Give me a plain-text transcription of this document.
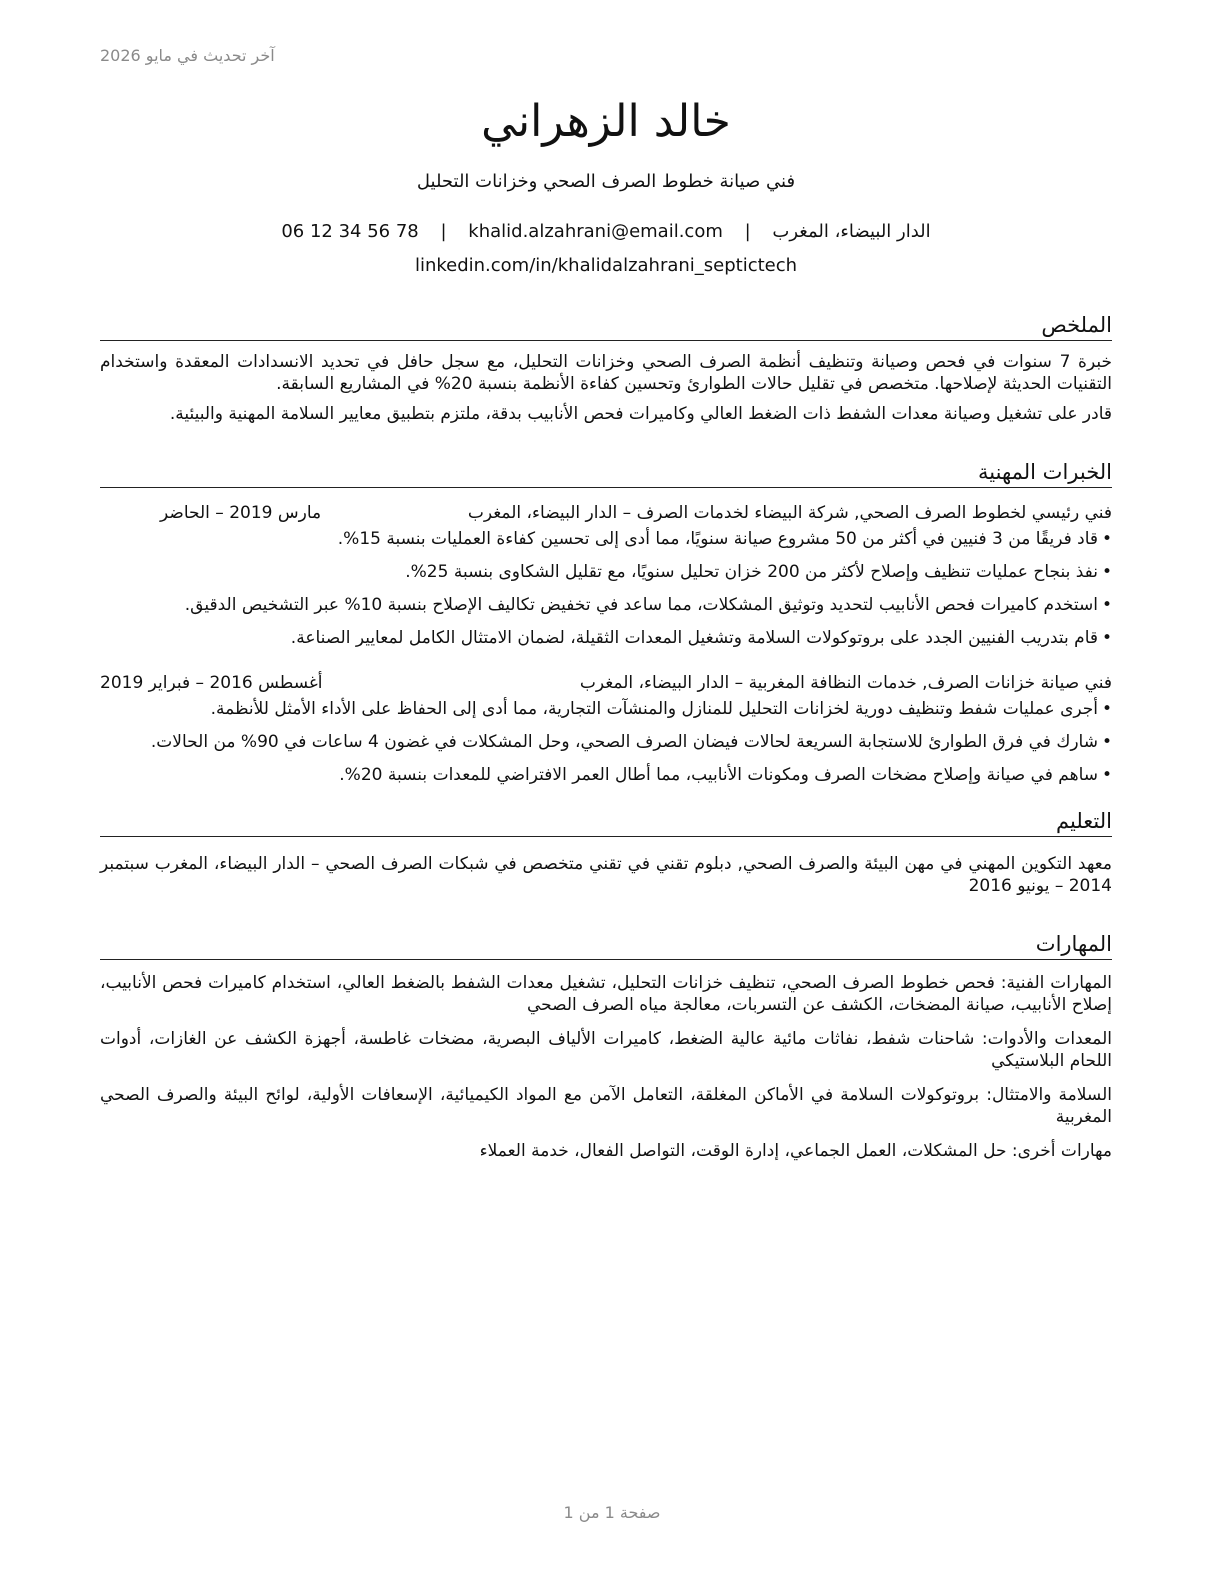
آخر تحديث في مايو 2026
خالد الزهراني
فني صيانة خطوط الصرف الصحي وخزانات التحليل
الدار البيضاء، المغرب | khalid.alzahrani@email.com | 06 12 34 56 78
linkedin.com/in/khalidalzahrani_septictech
الملخص
خبرة 7 سنوات في فحص وصيانة وتنظيف أنظمة الصرف الصحي وخزانات التحليل، مع سجل حافل في تحديد الانسدادات المعقدة واستخدام التقنيات الحديثة لإصلاحها. متخصص في تقليل حالات الطوارئ وتحسين كفاءة الأنظمة بنسبة 20% في المشاريع السابقة.
قادر على تشغيل وصيانة معدات الشفط ذات الضغط العالي وكاميرات فحص الأنابيب بدقة، ملتزم بتطبيق معايير السلامة المهنية والبيئية.
الخبرات المهنية
فني رئيسي لخطوط الصرف الصحي, شركة البيضاء لخدمات الصرف – الدار البيضاء، المغرب
مارس 2019 – الحاضر
• قاد فريقًا من 3 فنيين في أكثر من 50 مشروع صيانة سنويًا، مما أدى إلى تحسين كفاءة العمليات بنسبة 15%.
• نفذ بنجاح عمليات تنظيف وإصلاح لأكثر من 200 خزان تحليل سنويًا، مع تقليل الشكاوى بنسبة 25%.
• استخدم كاميرات فحص الأنابيب لتحديد وتوثيق المشكلات، مما ساعد في تخفيض تكاليف الإصلاح بنسبة 10% عبر التشخيص الدقيق.
• قام بتدريب الفنيين الجدد على بروتوكولات السلامة وتشغيل المعدات الثقيلة، لضمان الامتثال الكامل لمعايير الصناعة.
فني صيانة خزانات الصرف, خدمات النظافة المغربية – الدار البيضاء، المغرب
أغسطس 2016 – فبراير 2019
• أجرى عمليات شفط وتنظيف دورية لخزانات التحليل للمنازل والمنشآت التجارية، مما أدى إلى الحفاظ على الأداء الأمثل للأنظمة.
• شارك في فرق الطوارئ للاستجابة السريعة لحالات فيضان الصرف الصحي، وحل المشكلات في غضون 4 ساعات في 90% من الحالات.
• ساهم في صيانة وإصلاح مضخات الصرف ومكونات الأنابيب، مما أطال العمر الافتراضي للمعدات بنسبة 20%.
التعليم
معهد التكوين المهني في مهن البيئة والصرف الصحي, دبلوم تقني في تقني متخصص في شبكات الصرف الصحي – الدار البيضاء، المغرب سبتمبر 2014 – يونيو 2016
المهارات
المهارات الفنية: فحص خطوط الصرف الصحي، تنظيف خزانات التحليل، تشغيل معدات الشفط بالضغط العالي، استخدام كاميرات فحص الأنابيب، إصلاح الأنابيب، صيانة المضخات، الكشف عن التسربات، معالجة مياه الصرف الصحي
المعدات والأدوات: شاحنات شفط، نفاثات مائية عالية الضغط، كاميرات الألياف البصرية، مضخات غاطسة، أجهزة الكشف عن الغازات، أدوات اللحام البلاستيكي
السلامة والامتثال: بروتوكولات السلامة في الأماكن المغلقة، التعامل الآمن مع المواد الكيميائية، الإسعافات الأولية، لوائح البيئة والصرف الصحي المغربية
مهارات أخرى: حل المشكلات، العمل الجماعي، إدارة الوقت، التواصل الفعال، خدمة العملاء
صفحة 1 من 1
